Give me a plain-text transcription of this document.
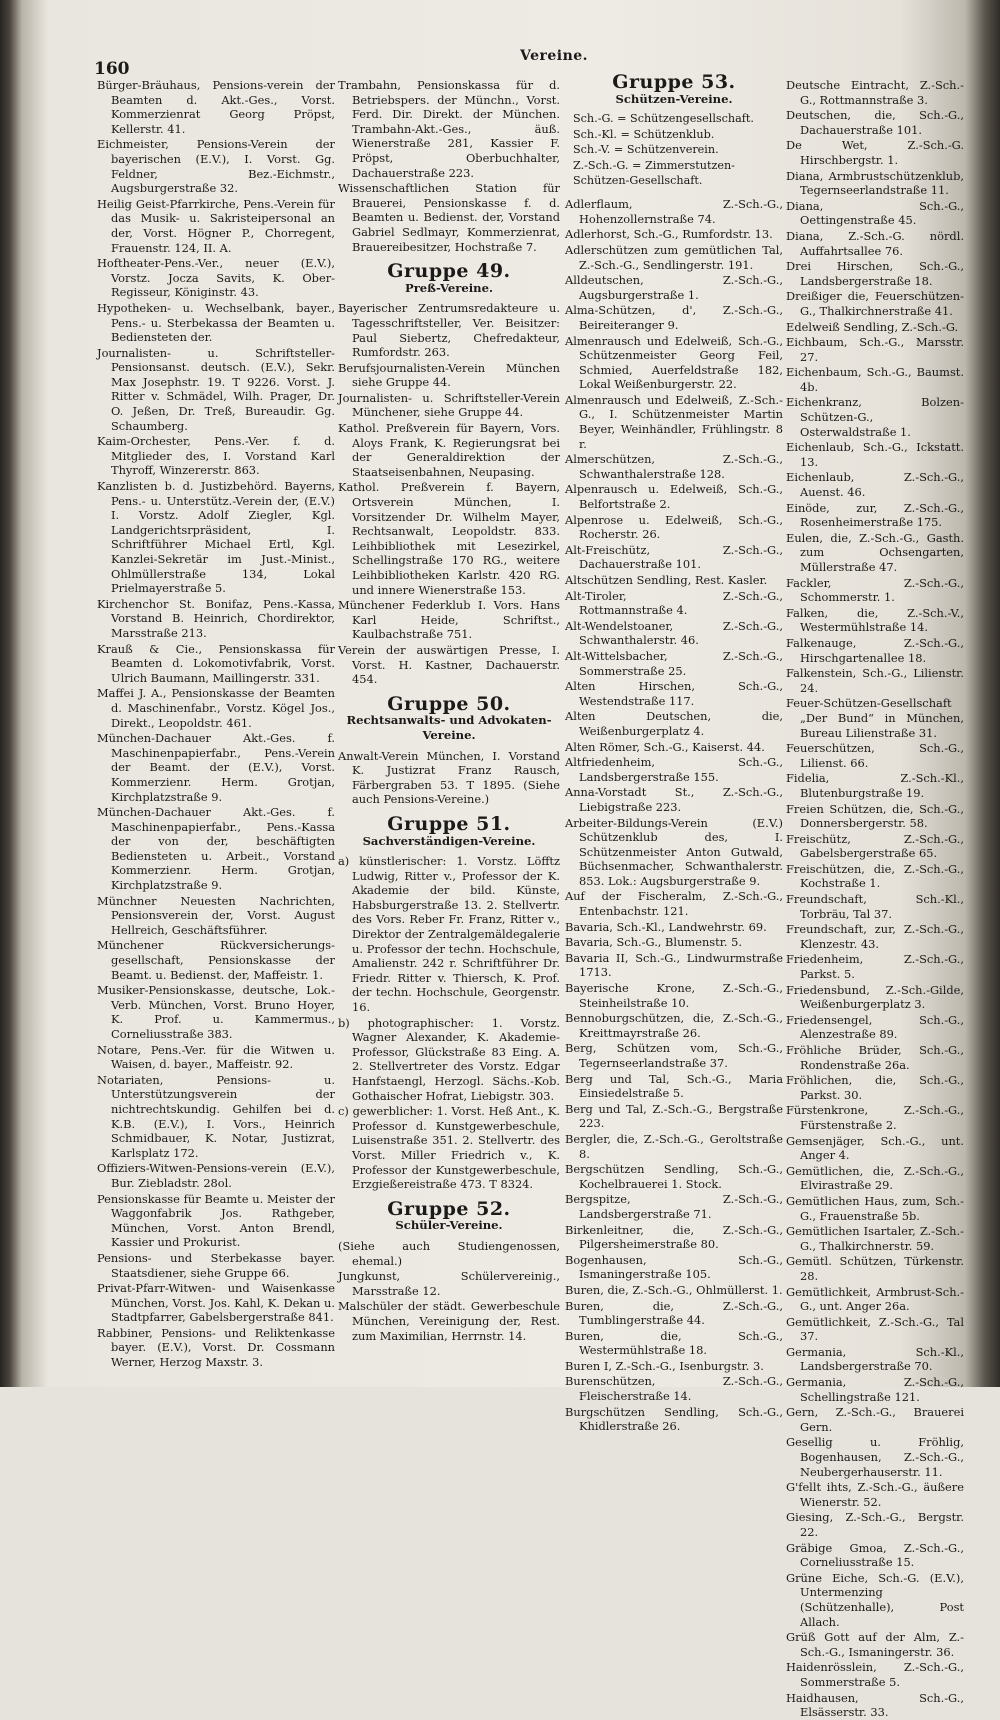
160
Vereine.
Bürger-Bräuhaus, Pensions-verein der Beamten d. Akt.-Ges., Vorst. Kommerzienrat Georg Pröpst, Kellerstr. 41.
Eichmeister, Pensions-Verein der bayerischen (E.V.), I. Vorst. Gg. Feldner, Bez.-Eichmstr., Augsburgerstraße 32.
Heilig Geist-Pfarrkirche, Pens.-Verein für das Musik- u. Sakristeipersonal an der, Vorst. Högner P., Chorregent, Frauenstr. 124, II. A.
Hoftheater-Pens.-Ver., neuer (E.V.), Vorstz. Jocza Savits, K. Ober-Regisseur, Königinstr. 43.
Hypotheken- u. Wechselbank, bayer., Pens.- u. Sterbekassa der Beamten u. Bediensteten der.
Journalisten- u. Schriftsteller-Pensionsanst. deutsch. (E.V.), Sekr. Max Josephstr. 19. T 9226. Vorst. J. Ritter v. Schmädel, Wilh. Prager, Dr. O. Jeßen, Dr. Treß, Bureaudir. Gg. Schaumberg.
Kaim-Orchester, Pens.-Ver. f. d. Mitglieder des, I. Vorstand Karl Thyroff, Winzererstr. 863.
Kanzlisten b. d. Justizbehörd. Bayerns, Pens.- u. Unterstütz.-Verein der, (E.V.) I. Vorstz. Adolf Ziegler, Kgl. Landgerichtsrpräsident, I. Schriftführer Michael Ertl, Kgl. Kanzlei-Sekretär im Just.-Minist., Ohlmüllerstraße 134, Lokal Prielmayerstraße 5.
Kirchenchor St. Bonifaz, Pens.-Kassa, Vorstand B. Heinrich, Chordirektor, Marsstraße 213.
Krauß & Cie., Pensionskassa für Beamten d. Lokomotivfabrik, Vorst. Ulrich Baumann, Maillingerstr. 331.
Maffei J. A., Pensionskasse der Beamten d. Maschinenfabr., Vorstz. Kögel Jos., Direkt., Leopoldstr. 461.
München-Dachauer Akt.-Ges. f. Maschinenpapierfabr., Pens.-Verein der Beamt. der (E.V.), Vorst. Kommerzienr. Herm. Grotjan, Kirchplatzstraße 9.
München-Dachauer Akt.-Ges. f. Maschinenpapierfabr., Pens.-Kassa der von der, beschäftigten Bediensteten u. Arbeit., Vorstand Kommerzienr. Herm. Grotjan, Kirchplatzstraße 9.
Münchner Neuesten Nachrichten, Pensionsverein der, Vorst. August Hellreich, Geschäftsführer.
Münchener Rückversicherungs-gesellschaft, Pensionskasse der Beamt. u. Bedienst. der, Maffeistr. 1.
Musiker-Pensionskasse, deutsche, Lok.-Verb. München, Vorst. Bruno Hoyer, K. Prof. u. Kammermus., Corneliusstraße 383.
Notare, Pens.-Ver. für die Witwen u. Waisen, d. bayer., Maffeistr. 92.
Notariaten, Pensions- u. Unterstützungsverein der nichtrechtskundig. Gehilfen bei d. K.B. (E.V.), I. Vors., Heinrich Schmidbauer, K. Notar, Justizrat, Karlsplatz 172.
Offiziers-Witwen-Pensions-verein (E.V.), Bur. Ziebladstr. 28ol.
Pensionskasse für Beamte u. Meister der Waggonfabrik Jos. Rathgeber, München, Vorst. Anton Brendl, Kassier und Prokurist.
Pensions- und Sterbekasse bayer. Staatsdiener, siehe Gruppe 66.
Privat-Pfarr-Witwen- und Waisenkasse München, Vorst. Jos. Kahl, K. Dekan u. Stadtpfarrer, Gabelsbergerstraße 841.
Rabbiner, Pensions- und Reliktenkasse bayer. (E.V.), Vorst. Dr. Cossmann Werner, Herzog Maxstr. 3.
Trambahn, Pensionskassa für d. Betriebspers. der Münchn., Vorst. Ferd. Dir. Direkt. der München. Trambahn-Akt.-Ges., äuß. Wienerstraße 281, Kassier F. Pröpst, Oberbuchhalter, Dachauerstraße 223.
Wissenschaftlichen Station für Brauerei, Pensionskasse f. d. Beamten u. Bedienst. der, Vorstand Gabriel Sedlmayr, Kommerzienrat, Brauereibesitzer, Hochstraße 7.
Gruppe 49.
Preß-Vereine.
Bayerischer Zentrumsredakteure u. Tagesschriftsteller, Ver. Beisitzer: Paul Siebertz, Chefredakteur, Rumfordstr. 263.
Berufsjournalisten-Verein München siehe Gruppe 44.
Journalisten- u. Schriftsteller-Verein Münchener, siehe Gruppe 44.
Kathol. Preßverein für Bayern, Vors. Aloys Frank, K. Regierungsrat bei der Generaldirektion der Staatseisenbahnen, Neupasing.
Kathol. Preßverein f. Bayern, Ortsverein München, I. Vorsitzender Dr. Wilhelm Mayer, Rechtsanwalt, Leopoldstr. 833. Leihbibliothek mit Lesezirkel, Schellingstraße 170 RG., weitere Leihbibliotheken Karlstr. 420 RG. und innere Wienerstraße 153.
Münchener Federklub I. Vors. Hans Karl Heide, Schriftst., Kaulbachstraße 751.
Verein der auswärtigen Presse, I. Vorst. H. Kastner, Dachauerstr. 454.
Gruppe 50.
Rechtsanwalts- und Advokaten-Vereine.
Anwalt-Verein München, I. Vorstand K. Justizrat Franz Rausch, Färbergraben 53. T 1895. (Siehe auch Pensions-Vereine.)
Gruppe 51.
Sachverständigen-Vereine.
a) künstlerischer: 1. Vorstz. Löfftz Ludwig, Ritter v., Professor der K. Akademie der bild. Künste, Habsburgerstraße 13. 2. Stellvertr. des Vors. Reber Fr. Franz, Ritter v., Direktor der Zentralgemäldegalerie u. Professor der techn. Hochschule, Amalienstr. 242 r. Schriftführer Dr. Friedr. Ritter v. Thiersch, K. Prof. der techn. Hochschule, Georgenstr. 16.
b) photographischer: 1. Vorstz. Wagner Alexander, K. Akademie-Professor, Glückstraße 83 Eing. A. 2. Stellvertreter des Vorstz. Edgar Hanfstaengl, Herzogl. Sächs.-Kob. Gothaischer Hofrat, Liebigstr. 303.
c) gewerblicher: 1. Vorst. Heß Ant., K. Professor d. Kunstgewerbeschule, Luisenstraße 351. 2. Stellvertr. des Vorst. Miller Friedrich v., K. Professor der Kunstgewerbeschule, Erzgießereistraße 473. T 8324.
Gruppe 52.
Schüler-Vereine.
(Siehe auch Studiengenossen, ehemal.)
Jungkunst, Schülervereinig., Marsstraße 12.
Malschüler der städt. Gewerbeschule München, Vereinigung der, Rest. zum Maximilian, Herrnstr. 14.
Gruppe 53.
Schützen-Vereine.
Sch.-G. = Schützengesellschaft.
Sch.-Kl. = Schützenklub.
Sch.-V. = Schützenverein.
Z.-Sch.-G. = Zimmerstutzen-Schützen-Gesellschaft.
Adlerflaum, Z.-Sch.-G., Hohenzollernstraße 74.
Adlerhorst, Sch.-G., Rumfordstr. 13.
Adlerschützen zum gemütlichen Tal, Z.-Sch.-G., Sendlingerstr. 191.
Alldeutschen, Z.-Sch.-G., Augsburgerstraße 1.
Alma-Schützen, d', Z.-Sch.-G., Beireiteranger 9.
Almenrausch und Edelweiß, Sch.-G., Schützenmeister Georg Feil, Schmied, Auerfeldstraße 182, Lokal Weißenburgerstr. 22.
Almenrausch und Edelweiß, Z.-Sch.-G., I. Schützenmeister Martin Beyer, Weinhändler, Frühlingstr. 8 r.
Almerschützen, Z.-Sch.-G., Schwanthalerstraße 128.
Alpenrausch u. Edelweiß, Sch.-G., Belfortstraße 2.
Alpenrose u. Edelweiß, Sch.-G., Rocherstr. 26.
Alt-Freischütz, Z.-Sch.-G., Dachauerstraße 101.
Altschützen Sendling, Rest. Kasler.
Alt-Tiroler, Z.-Sch.-G., Rottmannstraße 4.
Alt-Wendelstoaner, Z.-Sch.-G., Schwanthalerstr. 46.
Alt-Wittelsbacher, Z.-Sch.-G., Sommerstraße 25.
Alten Hirschen, Sch.-G., Westendstraße 117.
Alten Deutschen, die, Weißenburgerplatz 4.
Alten Römer, Sch.-G., Kaiserst. 44.
Altfriedenheim, Sch.-G., Landsbergerstraße 155.
Anna-Vorstadt St., Z.-Sch.-G., Liebigstraße 223.
Arbeiter-Bildungs-Verein (E.V.) Schützenklub des, I. Schützenmeister Anton Gutwald, Büchsenmacher, Schwanthalerstr. 853. Lok.: Augsburgerstraße 9.
Auf der Fischeralm, Z.-Sch.-G., Entenbachstr. 121.
Bavaria, Sch.-Kl., Landwehrstr. 69.
Bavaria, Sch.-G., Blumenstr. 5.
Bavaria II, Sch.-G., Lindwurmstraße 1713.
Bayerische Krone, Z.-Sch.-G., Steinheilstraße 10.
Bennoburgschützen, die, Z.-Sch.-G., Kreittmayrstraße 26.
Berg, Schützen vom, Sch.-G., Tegernseerlandstraße 37.
Berg und Tal, Sch.-G., Maria Einsiedelstraße 5.
Berg und Tal, Z.-Sch.-G., Bergstraße 223.
Bergler, die, Z.-Sch.-G., Geroltstraße 8.
Bergschützen Sendling, Sch.-G., Kochelbrauerei 1. Stock.
Bergspitze, Z.-Sch.-G., Landsbergerstraße 71.
Birkenleitner, die, Z.-Sch.-G., Pilgersheimerstraße 80.
Bogenhausen, Sch.-G., Ismaningerstraße 105.
Buren, die, Z.-Sch.-G., Ohlmüllerst. 1.
Buren, die, Z.-Sch.-G., Tumblingerstraße 44.
Buren, die, Sch.-G., Westermühlstraße 18.
Buren I, Z.-Sch.-G., Isenburgstr. 3.
Burenschützen, Z.-Sch.-G., Fleischerstraße 14.
Burgschützen Sendling, Sch.-G., Khidlerstraße 26.
Deutsche Eintracht, Z.-Sch.-G., Rottmannstraße 3.
Deutschen, die, Sch.-G., Dachauerstraße 101.
De Wet, Z.-Sch.-G. Hirschbergstr. 1.
Diana, Armbrustschützenklub, Tegernseerlandstraße 11.
Diana, Sch.-G., Oettingenstraße 45.
Diana, Z.-Sch.-G. nördl. Auffahrtsallee 76.
Drei Hirschen, Sch.-G., Landsbergerstraße 18.
Dreißiger die, Feuerschützen-G., Thalkirchnerstraße 41.
Edelweiß Sendling, Z.-Sch.-G.
Eichbaum, Sch.-G., Marsstr. 27.
Eichenbaum, Sch.-G., Baumst. 4b.
Eichenkranz, Bolzen-Schützen-G., Osterwaldstraße 1.
Eichenlaub, Sch.-G., Ickstatt. 13.
Eichenlaub, Z.-Sch.-G., Auenst. 46.
Einöde, zur, Z.-Sch.-G., Rosenheimerstraße 175.
Eulen, die, Z.-Sch.-G., Gasth. zum Ochsengarten, Müllerstraße 47.
Fackler, Z.-Sch.-G., Schommerstr. 1.
Falken, die, Z.-Sch.-V., Westermühlstraße 14.
Falkenauge, Z.-Sch.-G., Hirschgartenallee 18.
Falkenstein, Sch.-G., Lilienstr. 24.
Feuer-Schützen-Gesellschaft „Der Bund“ in München, Bureau Lilienstraße 31.
Feuerschützen, Sch.-G., Lilienst. 66.
Fidelia, Z.-Sch.-Kl., Blutenburgstraße 19.
Freien Schützen, die, Sch.-G., Donnersbergerstr. 58.
Freischütz, Z.-Sch.-G., Gabelsbergerstraße 65.
Freischützen, die, Z.-Sch.-G., Kochstraße 1.
Freundschaft, Sch.-Kl., Torbräu, Tal 37.
Freundschaft, zur, Z.-Sch.-G., Klenzestr. 43.
Friedenheim, Z.-Sch.-G., Parkst. 5.
Friedensbund, Z.-Sch.-Gilde, Weißenburgerplatz 3.
Friedensengel, Sch.-G., Alenzestraße 89.
Fröhliche Brüder, Sch.-G., Rondenstraße 26a.
Fröhlichen, die, Sch.-G., Parkst. 30.
Fürstenkrone, Z.-Sch.-G., Fürstenstraße 2.
Gemsenjäger, Sch.-G., unt. Anger 4.
Gemütlichen, die, Z.-Sch.-G., Elvirastraße 29.
Gemütlichen Haus, zum, Sch.-G., Frauenstraße 5b.
Gemütlichen Isartaler, Z.-Sch.-G., Thalkirchnerstr. 59.
Gemütl. Schützen, Türkenstr. 28.
Gemütlichkeit, Armbrust-Sch.-G., unt. Anger 26a.
Gemütlichkeit, Z.-Sch.-G., Tal 37.
Germania, Sch.-Kl., Landsbergerstraße 70.
Germania, Z.-Sch.-G., Schellingstraße 121.
Gern, Z.-Sch.-G., Brauerei Gern.
Gesellig u. Fröhlig, Bogenhausen, Z.-Sch.-G., Neubergerhauserstr. 11.
G'fellt ihts, Z.-Sch.-G., äußere Wienerstr. 52.
Giesing, Z.-Sch.-G., Bergstr. 22.
Gräbige Gmoa, Z.-Sch.-G., Corneliusstraße 15.
Grüne Eiche, Sch.-G. (E.V.), Untermenzing (Schützenhalle), Post Allach.
Grüß Gott auf der Alm, Z.-Sch.-G., Ismaningerstr. 36.
Haidenrösslein, Z.-Sch.-G., Sommerstraße 5.
Haidhausen, Sch.-G., Elsässerstr. 33.
